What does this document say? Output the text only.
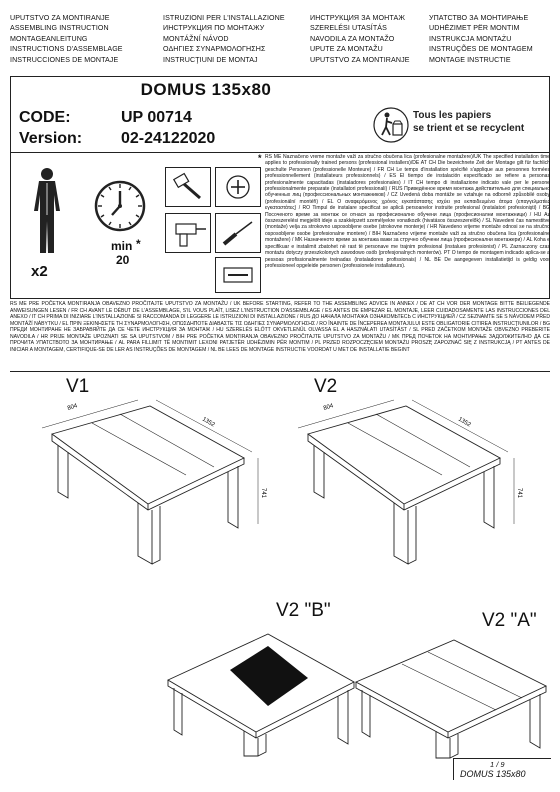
UPUTSTVO ZA MONTIRANJE
ASSEMBLING INSTRUCTION
MONTAGEANLEITUNG
INSTRUCTIONS D'ASSEMBLAGE
INSTRUCCIONES DE MONTAJE
ISTRUZIONI PER L'INSTALLAZIONE
ИНСТРУКЦИЯ ПО МОНТАЖУ
MONTÁŽNÍ NÁVOD
ΟΔΗΓΙΕΣ ΣΥΝΑΡΜΟΛΟΓΗΣΗΣ
INSTRUCŢIUNI DE MONTAJ
ИНСТРУКЦИЯ ЗА МОНТАЖ
SZERELÉSI UTASÍTÁS
NAVODILA ZA MONTAŽO
UPUTE ZA MONTAŽU
UPUTSTVO ZA MONTIRANJE
УПАТСТВО ЗА МОНТИРАЊЕ
UDHËZIMET PËR MONTIM
INSTRUKCJA MONTAŻU
INSTRUÇÕES DE MONTAGEM
MONTAGE INSTRUCTIE
DOMUS 135x80
CODE:	UP 00714
Version: 02-24122020
Tous les papiers
se trient et se recyclent
x2
min *
20
* RS ME Naznačeno vreme montaže važi za stručno obučena lica (profesionalne montažere)/UK The specified installation time applies to professionally trained persons (professional installers)/DE AT CH Die bezeichnete Zeit der Montage gilt für fachlich geschulte Personen (professionelle Monteure) / FR CH Le temps d'installation spécifié s'applique aux personnes formées professionnellement (installateurs professionnels) / ES El tiempo de instalación especificado se refiere a personas profesionalmente capacitadas (instaladores profesionales) / IT CH tempo di installazione indicato vale per le persone professionalmente preparate (installatori professionali) / RUS Приведённое время монтажа действительно для специально обученных лиц (профессиональных монтажников) / CZ Uvedená doba montáže se vztahuje na odborně způsobilé osoby (profesionální montéři) / EL Ο αναφερόμενος χρόνος εγκατάστασης ισχύει για εκπαιδευμένα άτομα (επαγγελματίες εγκαταστάτες) / RO Timpul de instalare specificat se aplică persoanelor instruite profesional (instalatori profesionişti) / BG Посоченото време за монтаж се отнася за професионално обучени лица (професионални монтажници) / HU Az összeszerelési megjelölt ideje a szakképzett személyekre vonatkozik (hivatásos összeszerelők) / SL Navedeni čas namestitve (montaže) velja za strokovno usposobljene osebe (strokovne monterje) / HR Navedeno vrijeme montaže odnosi se na stručno osposobljene osobe (profesionalne montere) / BIH Naznačeno vrijeme montaže važi za stručno obučena lica (profesionalne montažere) / MK Назначеното време за монтажа важи за стручно обучени лица (професионални монтажери) / AL Koha e specifikuar e instalimit zbatohet në rast të personave me trajnim profesional (instalues profesionist) / PL Zaznaczony czas montażu dotyczy przeszkolonych zawodowo osób (profesjonalnych monterów). PT O tempo de montagem indicado aplica-se a pessoas profissionalmente treinadas (instaladores profissionais) / NL BE De aangegeven installatietijd is geldig voor professioneel opgeleide personen (professionele installateurs).
RS ME PRE POČETKA MONTIRANJA OBAVEZNO PROČITAJTE UPUTSTVO ZA MONTAŽU / UK BEFORE STARTING, REFER TO THE ASSEMBLING ADVICE IN ANNEX / DE AT CH VOR DER MONTAGE BITTE BEILIEGENDE ANWEISUNGEN LESEN / FR CH AVANT LE DÉBUT DE L'ASSEMBLAGE, S'IL VOUS PLAÎT, LISEZ L'INSTRUCTION D'ASSEMBLAGE / ES ANTES DE EMPEZAR EL MONTAJE, LEER CUIDADOSAMENTE LAS INSTRUCCIONES DEL ANEXO / IT CH PRIMA DI INIZIARE L'INSTALLAZIONE SI RACCOMANDA DI LEGGERE LE ISTRUZIONI DI INSTALLAZIONE / RUS ДО НАЧАЛА МОНТАЖА ОЗНАКОМЬТЕСЬ С ИНСТРУКЦИЕЙ / CZ SEZNAMTE SE S NÁVODEM PŘED MONTÁŽÍ NÁBYTKU / EL ΠΡΙΝ ΞΕΚΙΝΗΣΕΤΕ ΤΗ ΣΥΝΑΡΜΟΛΟΓΗΣΗ, ΟΠΩΣΔΗΠΟΤΕ ΔΙΑΒΑΣΤΕ ΤΙΣ ΟΔΗΓΙΕΣ ΣΥΝΑΡΜΟΛΟΓΗΣΗΣ / RO ÎNAINTE DE ÎNCEPEREA MONTAJULUI ESTE OBLIGATORIE CITIREA INSTRUCŢIUNILOR / BG ПРЕДИ МОНТИРАНЕ НЕ ЗАБРАВЯЙТЕ ДА СЕ ЧЕТЕ ИНСТРУКЦИЯ ЗА МОНТАЖ / HU SZERELÉS ELŐTT OKVETLENÜL OLVASSA EL A HASZNÁLATI UTASÍTÁST / SL PRED ZAČETKOM MONTAŽE OBVEZNO PREBERITE NAVODILA / HR PRIJE MONTAŽE UPOZNATI SE SA UPUTSTVOM / BIH PRE POČETKA MONTIRANJA OBAVEZNO PROČITAJTE UPUTSTVO ZA MONTAŽU / MK ПРЕД ПОЧЕТОК НА МОНТИРАЊЕ ЗАДОЛЖИТЕЛНО ДА СЕ ПРОЧИТА УПАТСТВОТО ЗА МОНТИРАЊЕ / AL PARA FILLIMIT TË MONTIMIT LEXONI PATJETËR UDHËZIMIN PËR MONTIM / PL PRZED ROZPOCZĘCIEM MONTAŻU PROSZĘ ZAPOZNAĆ SIĘ Z INSTRUKCJĄ / PT ANTES DE INICIAR A MONTAGEM, CERTIFIQUE-SE DE LER AS INSTRUÇÕES DE MONTAGEM / NL BE LEES DE MONTAGE INSTRUCTIE VOORDAT U MET DE INSTALLATIE BEGINT
V1
804
1352
741
V2
804
1352
741
V2 "B"	V2 "A"
1 / 9
DOMUS 135x80
